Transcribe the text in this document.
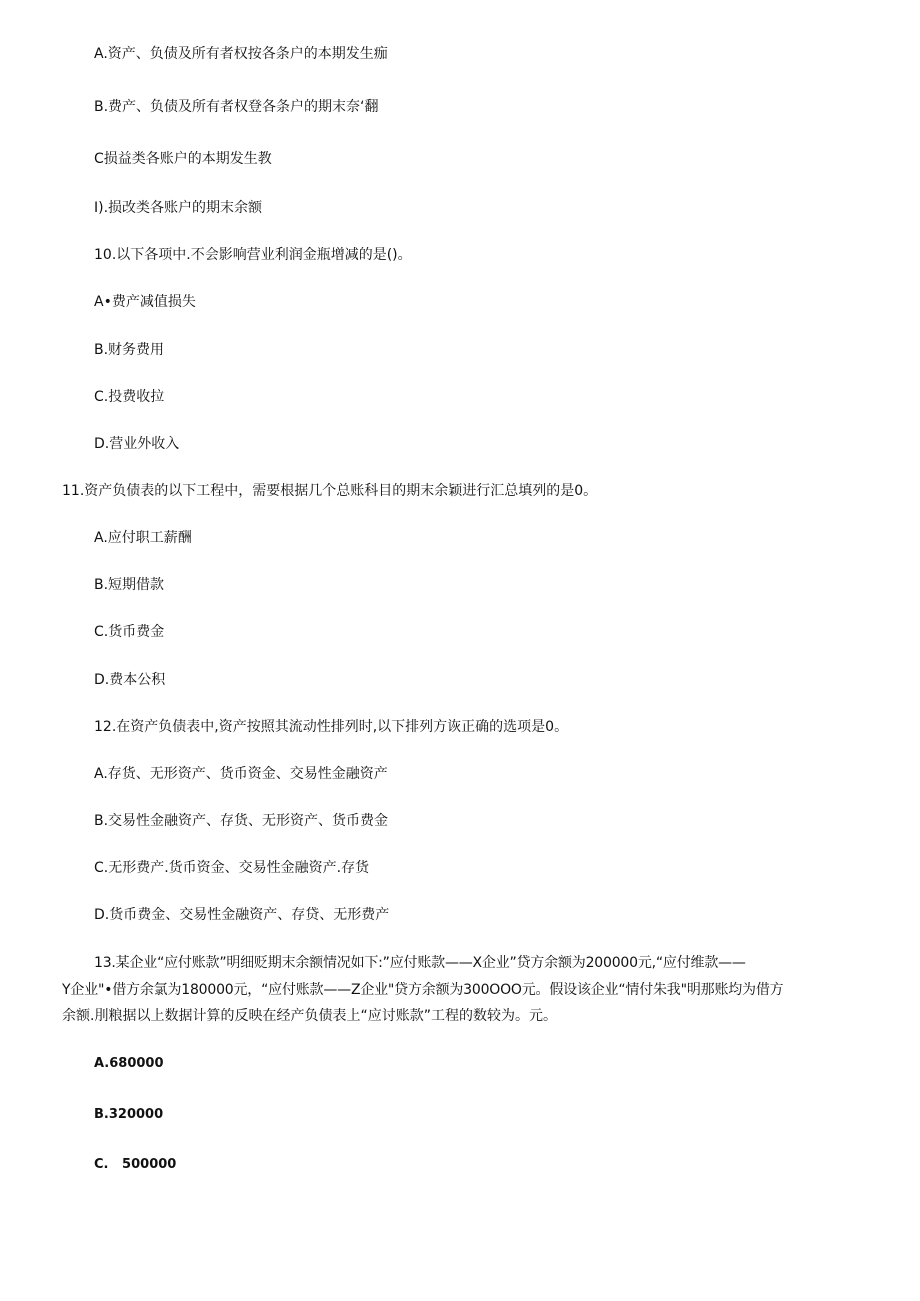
A.资产、负债及所有者权按各条户的本期发生痂
B.费产、负债及所有者权登各条户的期末奈‘翻
C损益类各账户的本期发生教
I).损改类各账户的期末余额
10.以下各项中.不会影响营业利润金瓶增减的是()。
A•费产减值损失
B.财务费用
C.投费收拉
D.营业外收入
11.资产负债表的以下工程中，需要根据几个总账科目的期末余颖进行汇总填列的是0。
A.应付职工薪酬
B.短期借款
C.货币费金
D.费本公积
12.在资产负债表中,资产按照其流动性排列时,以下排列方诙正确的选项是0。
A.存货、无形资产、货币资金、交易性金融资产
B.交易性金融资产、存货、无形资产、货币费金
C.无形费产.货币资金、交易性金融资产.存货
D.货币费金、交易性金融资产、存贷、无形费产
13.某企业“应付账款”明细贬期末余额情况如下:”应付账款——X企业”贷方余额为200000元,“应付维款——
Y企业"•借方余氯为180000元，“应付账款——Z企业"贷方余额为300OOO元。假设该企业“情付朱我"明那账均为借方
余额.刖粮据以上数据计算的反映在经产负债表上“应讨账款”工程的数较为。元。
A.680000
B.320000
C.   500000
